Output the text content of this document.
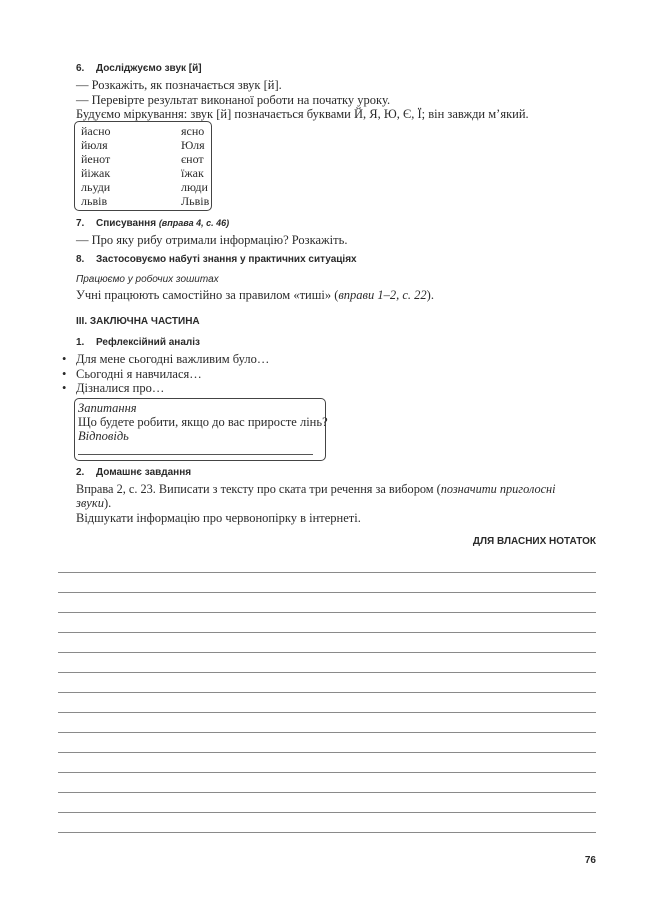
6. Досліджуємо звук [й]
— Розкажіть, як позначається звук [й].
— Перевірте результат виконаної роботи на початку уроку.
Будуємо міркування: звук [й] позначається буквами Й, Я, Ю, Є, Ї; він завжди м’який.
йасно	ясно
йюля	Юля
йенот	єнот
йіжак	їжак
льуди	люди
львів	Львів
7. Списування (вправа 4, с. 46)
— Про яку рибу отримали інформацію? Розкажіть.
8. Застосовуємо набуті знання у практичних ситуаціях
Працюємо у робочих зошитах
Учні працюють самостійно за правилом «тиші» (вправи 1–2, с. 22).
III. ЗАКЛЮЧНА ЧАСТИНА
1. Рефлексійний аналіз
• Для мене сьогодні важливим було…
• Сьогодні я навчилася…
• Дізналися про…
Запитання
Що будете робити, якщо до вас приросте лінь?
Відповідь
2. Домашнє завдання
Вправа 2, с. 23. Виписати з тексту про ската три речення за вибором (позначити приголосні
звуки).
Відшукати інформацію про червонопірку в інтернеті.
ДЛЯ ВЛАСНИХ НОТАТОК
76
